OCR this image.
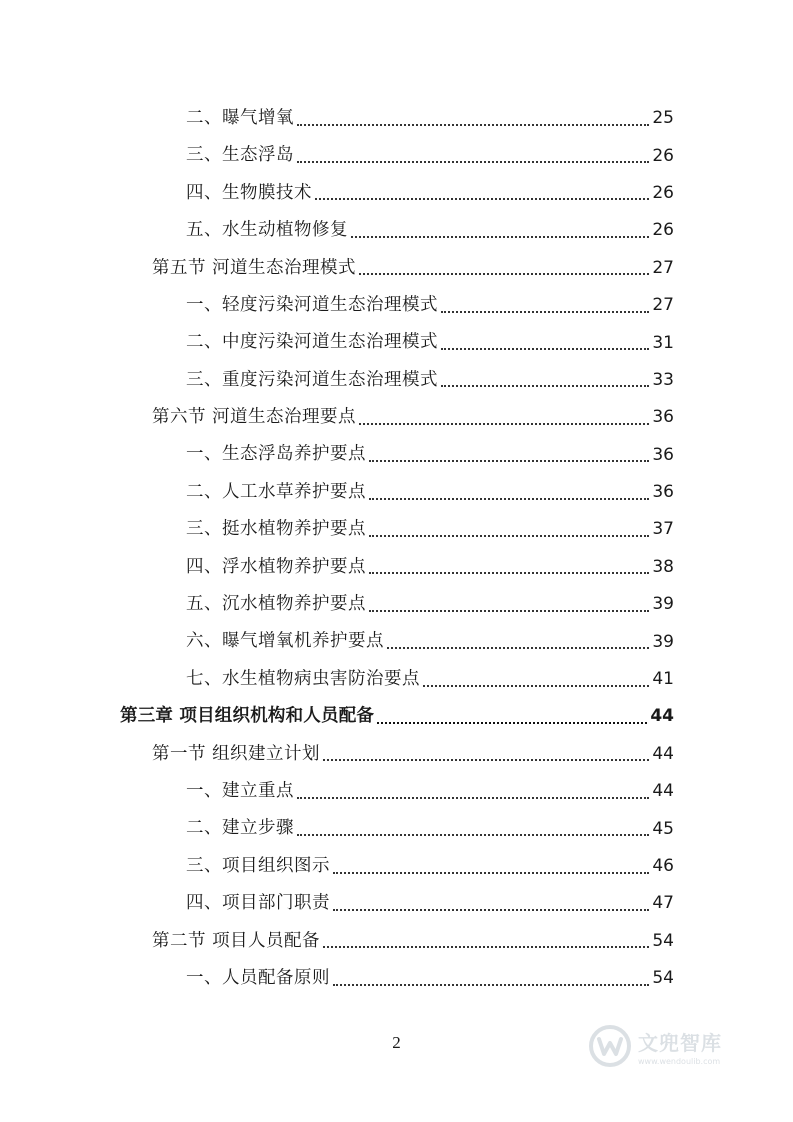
二、曝气增氧	25
三、生态浮岛	26
四、生物膜技术	26
五、水生动植物修复	26
第五节 河道生态治理模式	27
一、轻度污染河道生态治理模式	27
二、中度污染河道生态治理模式	31
三、重度污染河道生态治理模式	33
第六节 河道生态治理要点	36
一、生态浮岛养护要点	36
二、人工水草养护要点	36
三、挺水植物养护要点	37
四、浮水植物养护要点	38
五、沉水植物养护要点	39
六、曝气增氧机养护要点	39
七、水生植物病虫害防治要点	41
第三章 项目组织机构和人员配备	44
第一节 组织建立计划	44
一、建立重点	44
二、建立步骤	45
三、项目组织图示	46
四、项目部门职责	47
第二节 项目人员配备	54
一、人员配备原则	54
2	文兜智库
www.wendoulib.com
